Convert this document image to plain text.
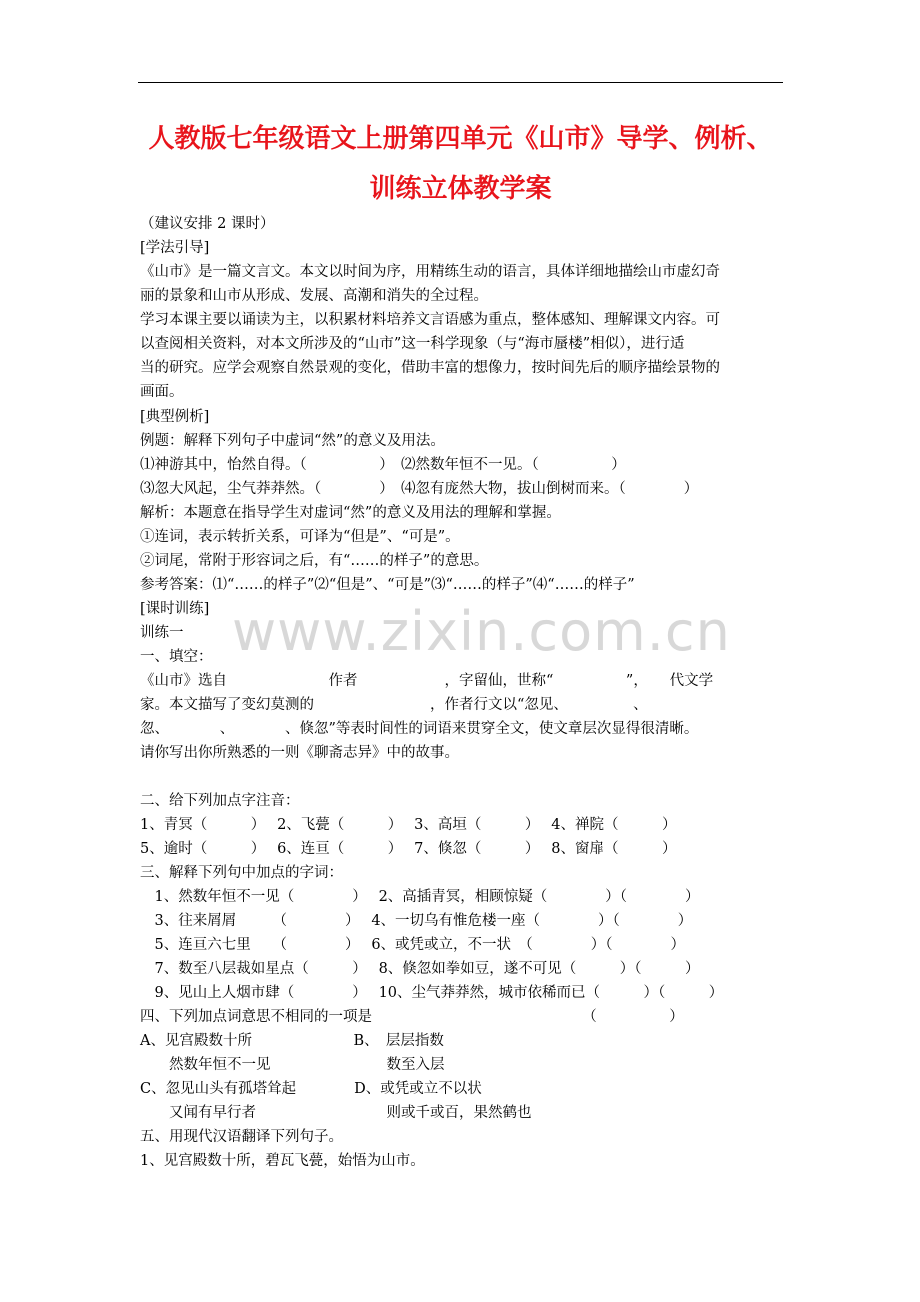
人教版七年级语文上册第四单元《山市》导学、例析、
训练立体教学案
www.zixin.com.cn
（建议安排 2 课时）
[学法引导]
《山市》是一篇文言文。本文以时间为序，用精练生动的语言，具体详细地描绘山市虚幻奇
丽的景象和山市从形成、发展、高潮和消失的全过程。
学习本课主要以诵读为主，以积累材料培养文言语感为重点，整体感知、理解课文内容。可
以查阅相关资料，对本文所涉及的“山市”这一科学现象（与“海市蜃楼”相似），进行适
当的研究。应学会观察自然景观的变化，借助丰富的想像力，按时间先后的顺序描绘景物的
画面。
[典型例析]
例题：解释下列句子中虚词“然”的意义及用法。
⑴神游其中，怡然自得。（　　　　　）　⑵然数年恒不一见。（　　　　　）
⑶忽大风起，尘气莽莽然。（　　　　）　⑷忽有庞然大物，拔山倒树而来。（　　　　）
解析：本题意在指导学生对虚词“然”的意义及用法的理解和掌握。
①连词，表示转折关系，可译为“但是”、“可是”。
②词尾，常附于形容词之后，有“……的样子”的意思。
参考答案：⑴“……的样子”⑵“但是”、“可是”⑶“……的样子”⑷“……的样子”
[课时训练]
训练一
一、填空：
《山市》选自　　　　　　　作者　　　　　　，字留仙，世称“　　　　　”，　　代文学
家。本文描写了变幻莫测的　　　　　　　　，作者行文以“忽见、　　　　　、
忽、　　　　、　　　　、倏忽”等表时间性的词语来贯穿全文，使文章层次显得很清晰。
请你写出你所熟悉的一则《聊斋志异》中的故事。
二、给下列加点字注音：
1、青冥（　　　）　 2、飞甍（　　　）　 3、高垣（　　　）　 4、禅院（　　　）
5、逾时（　　　）　 6、连亘（　　　）　 7、倏忽（　　　）　 8、窗扉（　　　）
三、解释下列句中加点的字词：
　1、然数年恒不一见（　　　　）　 2、高插青冥，相顾惊疑（　　　　）（　　　　）
　3、往来屑屑　　　（　　　　）　 4、一切乌有惟危楼一座（　　　　）（　　　　）
　5、连亘六七里　　（　　　　）　 6、或凭或立，不一状　（　　　　）（　　　　）
　7、数至八层裁如星点（　　　）　 8、倏忽如拳如豆，遂不可见（　　　）（　　　）
　9、见山上人烟市肆（　　　　）　 10、尘气莽莽然，城市依稀而已（　　　）（　　　）
四、下列加点词意思不相同的一项是　　　　　　　　　　　　　　　（　　　　　）
A、见宫殿数十所　　　　　　　B、　层层指数
　　然数年恒不一见　　　　　　　　数至入层
C、忽见山头有孤塔耸起　　　　D、或凭或立不以状
　　又闻有早行者　　　　　　　　　则或千或百，果然鹤也
五、用现代汉语翻译下列句子。
1、见宫殿数十所，碧瓦飞甍，始悟为山市。
